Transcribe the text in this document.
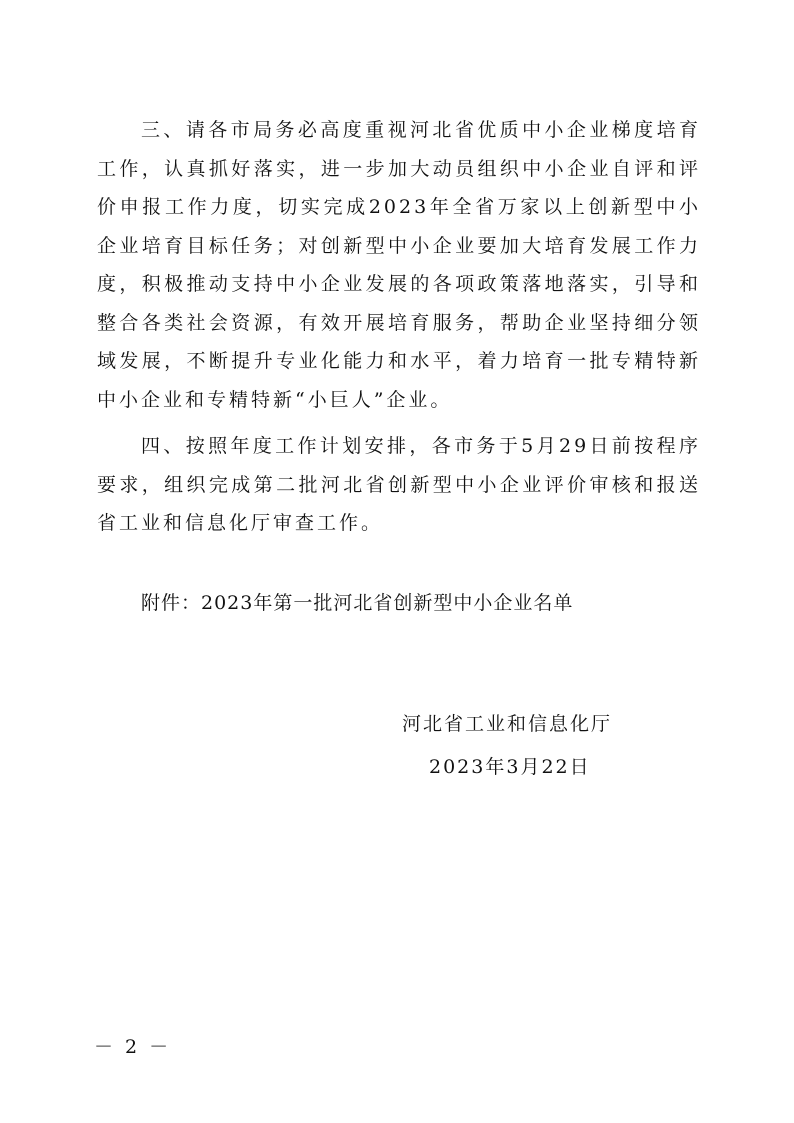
三、请各市局务必高度重视河北省优质中小企业梯度培育工作，认真抓好落实，进一步加大动员组织中小企业自评和评价申报工作力度，切实完成2023年全省万家以上创新型中小企业培育目标任务；对创新型中小企业要加大培育发展工作力度，积极推动支持中小企业发展的各项政策落地落实，引导和整合各类社会资源，有效开展培育服务，帮助企业坚持细分领域发展，不断提升专业化能力和水平，着力培育一批专精特新中小企业和专精特新“小巨人”企业。

四、按照年度工作计划安排，各市务于5月29日前按程序要求，组织完成第二批河北省创新型中小企业评价审核和报送省工业和信息化厅审查工作。

附件：2023年第一批河北省创新型中小企业名单
河北省工业和信息化厅
2023年3月22日
－ 2 －
